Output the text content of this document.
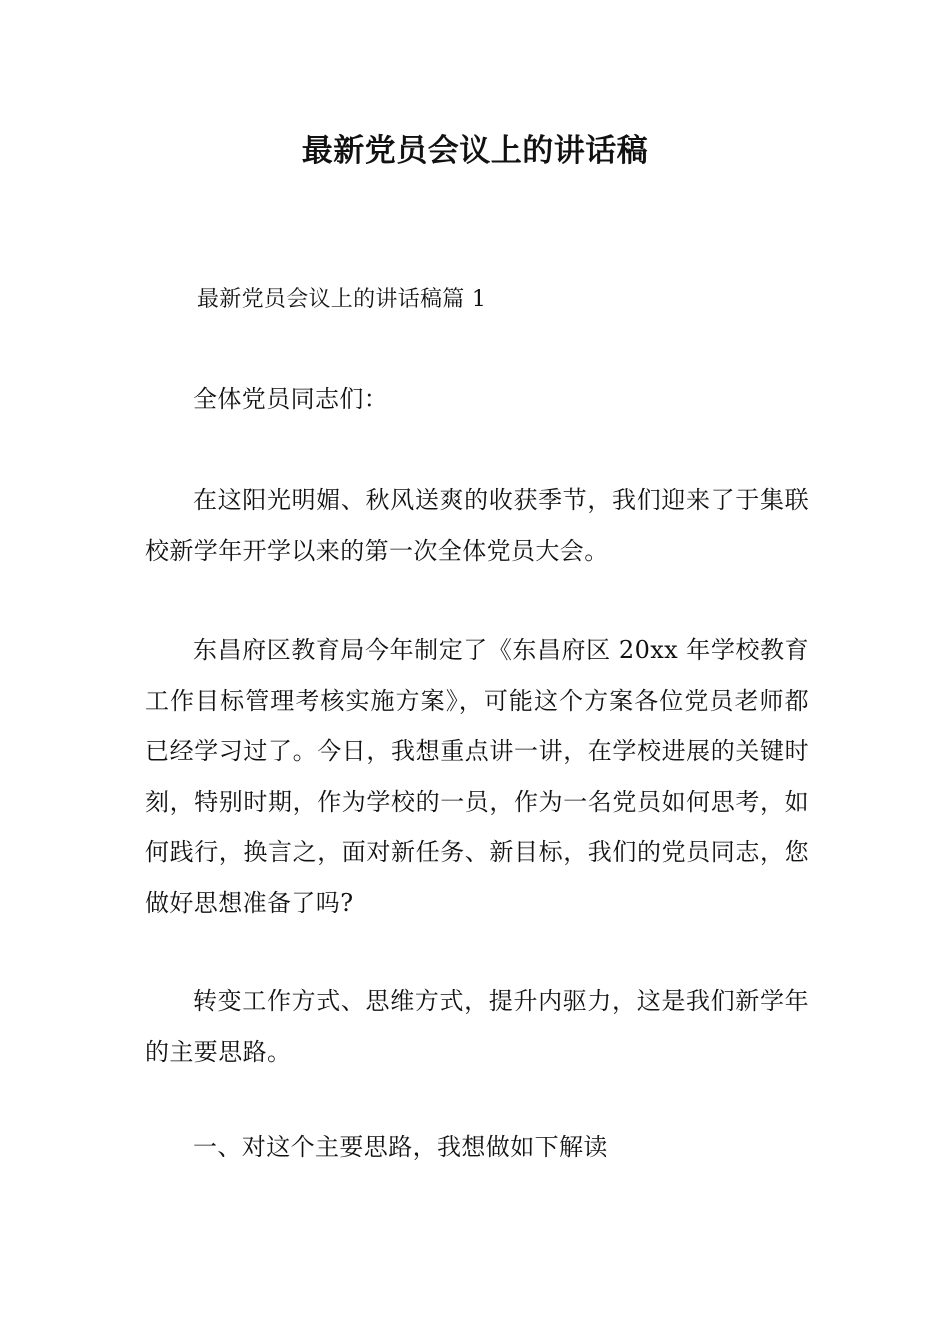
最新党员会议上的讲话稿

最新党员会议上的讲话稿篇 1

全体党员同志们：

在这阳光明媚、秋风送爽的收获季节，我们迎来了于集联校新学年开学以来的第一次全体党员大会。

东昌府区教育局今年制定了《东昌府区 20xx 年学校教育工作目标管理考核实施方案》，可能这个方案各位党员老师都已经学习过了。今日，我想重点讲一讲，在学校进展的关键时刻，特别时期，作为学校的一员，作为一名党员如何思考，如何践行，换言之，面对新任务、新目标，我们的党员同志，您做好思想准备了吗?

转变工作方式、思维方式，提升内驱力，这是我们新学年的主要思路。

一、对这个主要思路，我想做如下解读
